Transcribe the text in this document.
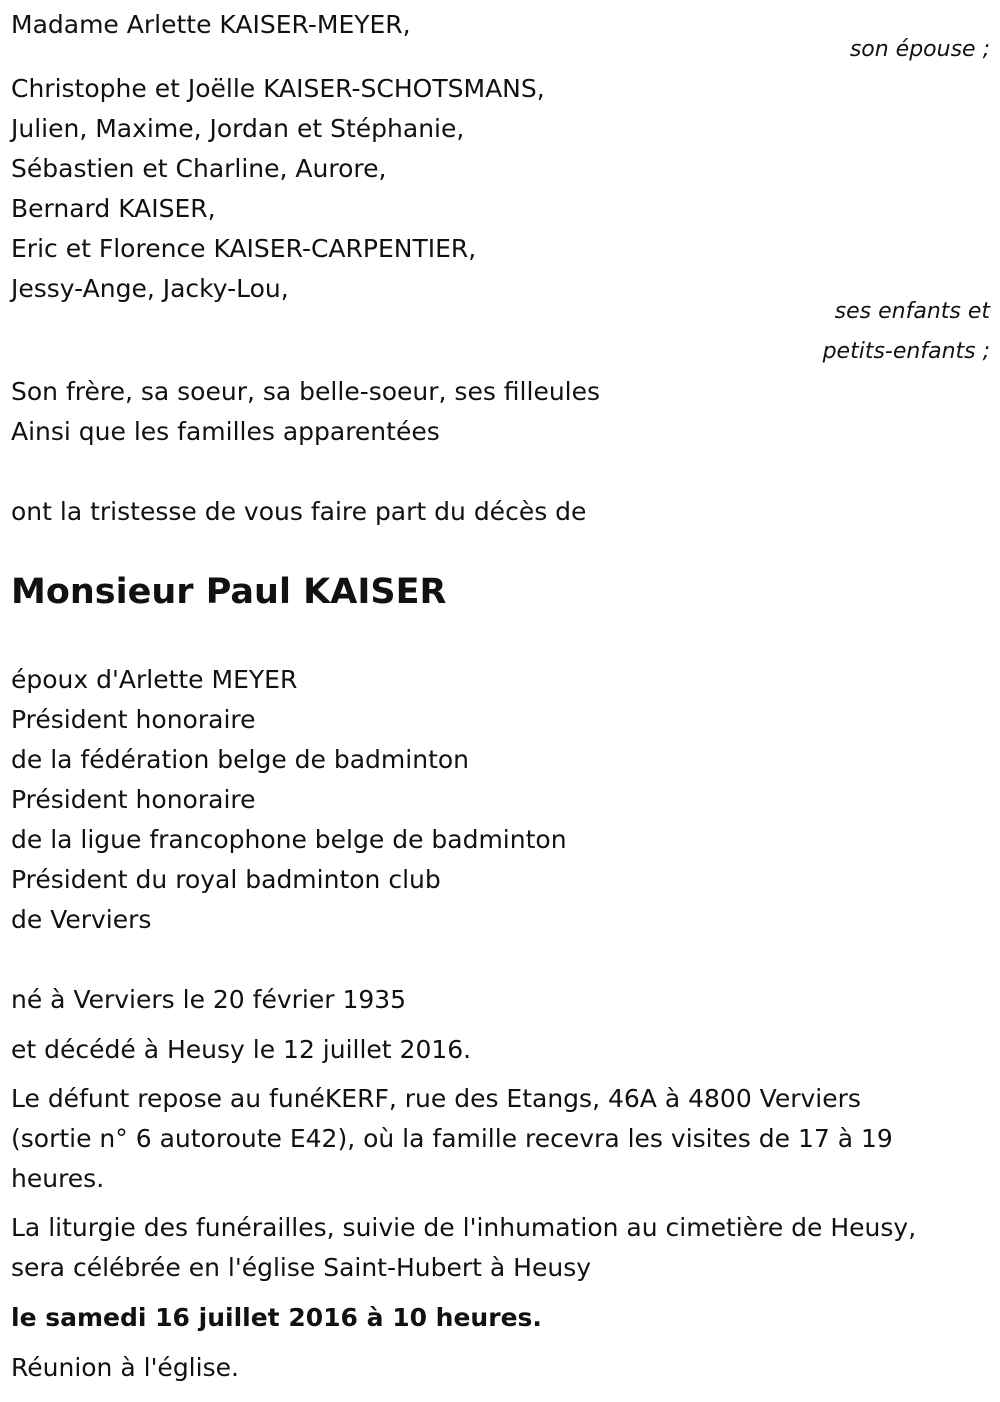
Madame Arlette KAISER-MEYER,
son épouse ;
Christophe et Joëlle KAISER-SCHOTSMANS,
Julien, Maxime, Jordan et Stéphanie,
Sébastien et Charline, Aurore,
Bernard KAISER,
Eric et Florence KAISER-CARPENTIER,
Jessy-Ange, Jacky-Lou,
ses enfants et
petits-enfants ;
Son frère, sa soeur, sa belle-soeur, ses filleules
Ainsi que les familles apparentées
ont la tristesse de vous faire part du décès de
Monsieur Paul KAISER
époux d'Arlette MEYER
Président honoraire
de la fédération belge de badminton
Président honoraire
de la ligue francophone belge de badminton
Président du royal badminton club
de Verviers
né à Verviers le 20 février 1935
et décédé à Heusy le 12 juillet 2016.
Le défunt repose au funéKERF, rue des Etangs, 46A à 4800 Verviers
(sortie n° 6 autoroute E42), où la famille recevra les visites de 17 à 19
heures.
La liturgie des funérailles, suivie de l'inhumation au cimetière de Heusy,
sera célébrée en l'église Saint-Hubert à Heusy
le samedi 16 juillet 2016 à 10 heures.
Réunion à l'église.
